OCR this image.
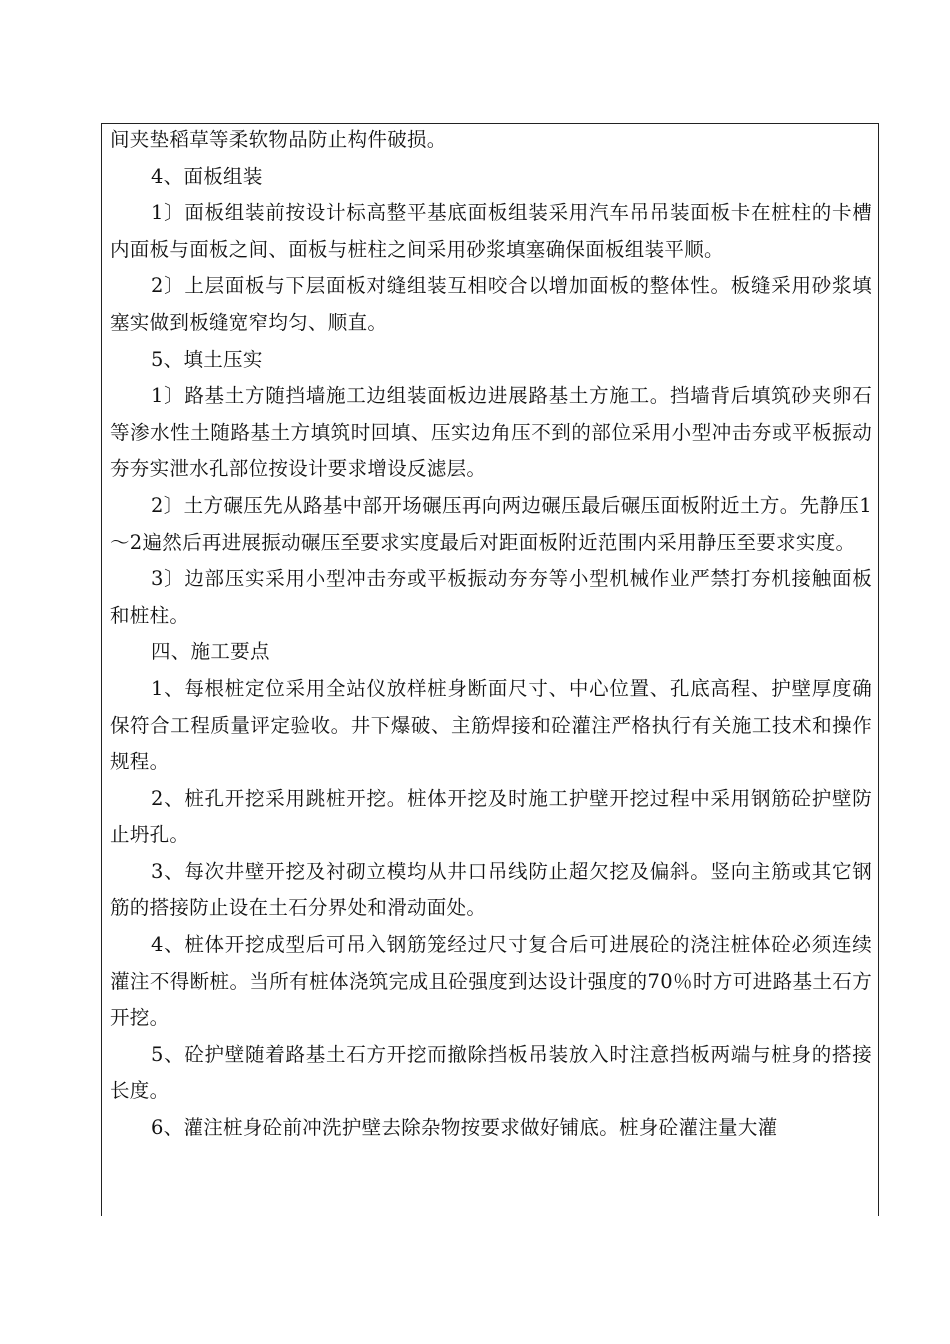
间夹垫稻草等柔软物品防止构件破损。

4、面板组装

1〕面板组装前按设计标高整平基底面板组装采用汽车吊吊装面板卡在桩柱的卡槽内面板与面板之间、面板与桩柱之间采用砂浆填塞确保面板组装平顺。

2〕上层面板与下层面板对缝组装互相咬合以增加面板的整体性。板缝采用砂浆填塞实做到板缝宽窄均匀、顺直。

5、填土压实

1〕路基土方随挡墙施工边组装面板边进展路基土方施工。挡墙背后填筑砂夹卵石等渗水性土随路基土方填筑时回填、压实边角压不到的部位采用小型冲击夯或平板振动夯夯实泄水孔部位按设计要求增设反滤层。

2〕土方碾压先从路基中部开场碾压再向两边碾压最后碾压面板附近土方。先静压1～2遍然后再进展振动碾压至要求实度最后对距面板附近范围内采用静压至要求实度。

3〕边部压实采用小型冲击夯或平板振动夯夯等小型机械作业严禁打夯机接触面板和桩柱。

四、施工要点

1、每根桩定位采用全站仪放样桩身断面尺寸、中心位置、孔底高程、护壁厚度确保符合工程质量评定验收。井下爆破、主筋焊接和砼灌注严格执行有关施工技术和操作规程。

2、桩孔开挖采用跳桩开挖。桩体开挖及时施工护壁开挖过程中采用钢筋砼护壁防止坍孔。

3、每次井壁开挖及衬砌立模均从井口吊线防止超欠挖及偏斜。竖向主筋或其它钢筋的搭接防止设在土石分界处和滑动面处。

4、桩体开挖成型后可吊入钢筋笼经过尺寸复合后可进展砼的浇注桩体砼必须连续灌注不得断桩。当所有桩体浇筑完成且砼强度到达设计强度的70％时方可进路基土石方开挖。

5、砼护壁随着路基土石方开挖而撤除挡板吊装放入时注意挡板两端与桩身的搭接长度。

6、灌注桩身砼前冲洗护壁去除杂物按要求做好铺底。桩身砼灌注量大灌
